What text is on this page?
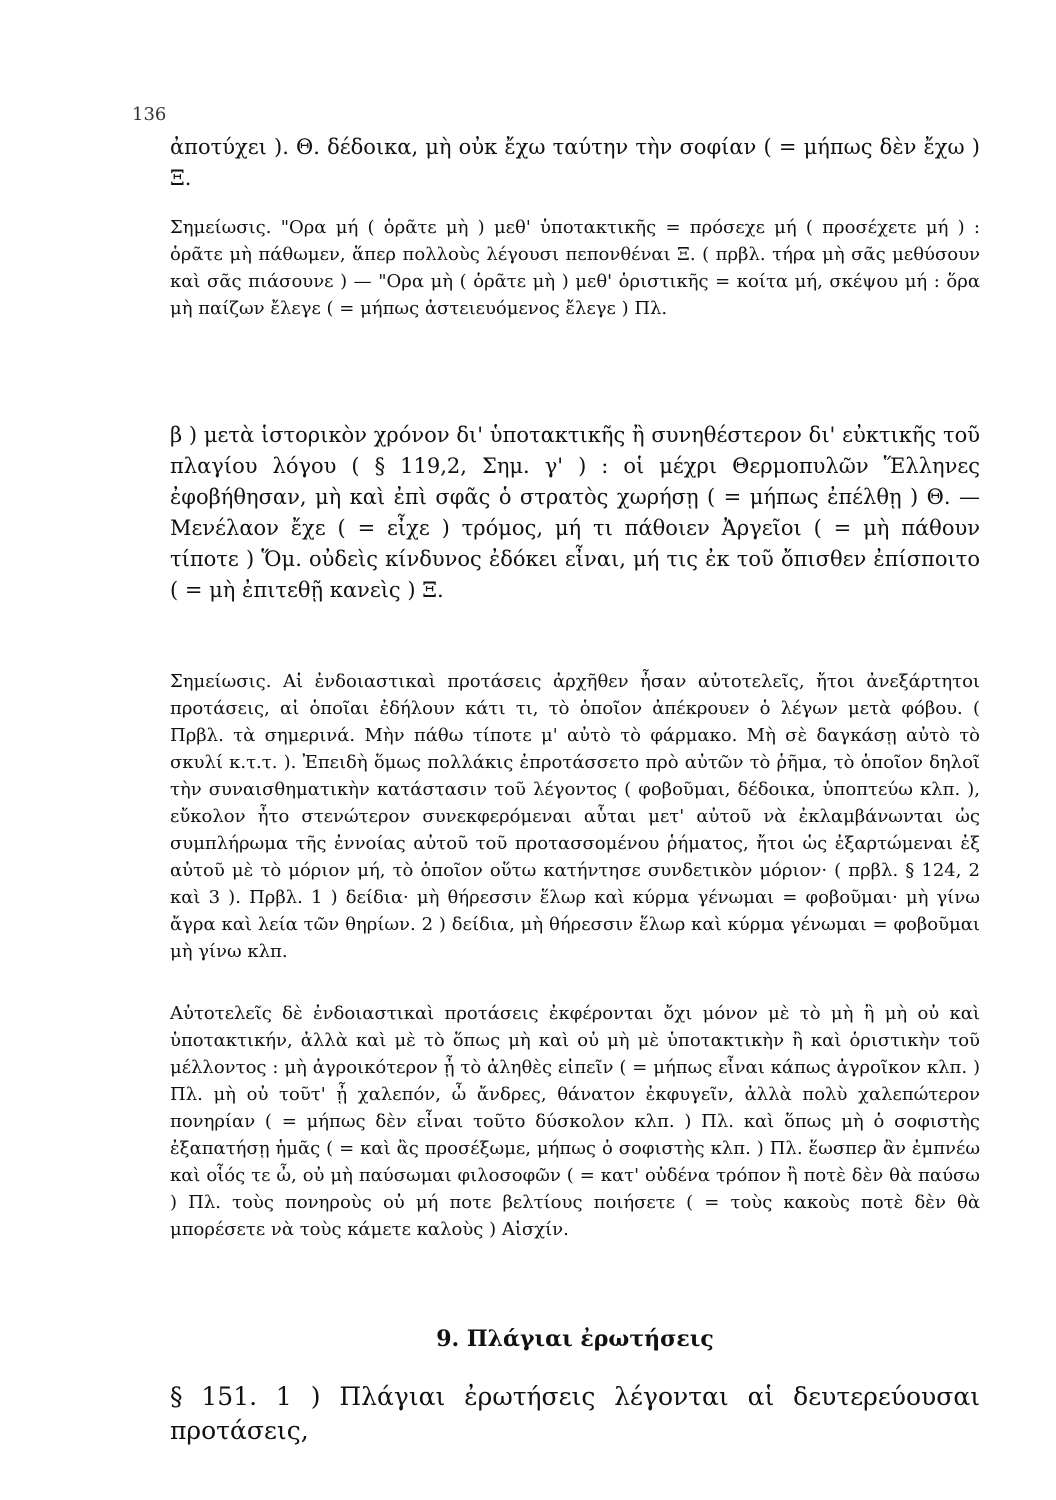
136

ἀποτύχει ). Θ. δέδοικα, μὴ οὐκ ἔχω ταύτην τὴν σοφίαν ( = μήπως δὲν ἔχω ) Ξ.

Σημείωσις. "Ορα μή ( ὁρᾶτε μὴ ) μεθ' ὑποτακτικῆς = πρόσεχε μή ( προσέχετε μή ) : ὁρᾶτε μὴ πάθωμεν, ἅπερ πολλοὺς λέγουσι πεπονθέναι Ξ. ( πρβλ. τήρα μὴ σᾶς μεθύσουν καὶ σᾶς πιάσουνε ) — "Ορα μὴ ( ὁρᾶτε μὴ ) μεθ' ὁριστικῆς = κοίτα μή, σκέψου μή : ὅρα μὴ παίζων ἔλεγε ( = μήπως ἀστειευόμενος ἔλεγε ) Πλ.

β ) μετὰ ἱστορικὸν χρόνον δι' ὑποτακτικῆς ἢ συνηθέστερον δι' εὐκτικῆς τοῦ πλαγίου λόγου ( § 119,2, Σημ. γ' ) : οἱ μέχρι Θερμοπυλῶν Ἕλληνες ἐφοβήθησαν, μὴ καὶ ἐπὶ σφᾶς ὁ στρατὸς χωρήσῃ ( = μήπως ἐπέλθῃ ) Θ. — Μενέλαον ἔχε ( = εἶχε ) τρόμος, μή τι πάθοιεν Ἀργεῖοι ( = μὴ πάθουν τίποτε ) Ὅμ. οὐδεὶς κίνδυνος ἐδόκει εἶναι, μή τις ἐκ τοῦ ὄπισθεν ἐπίσποιτο ( = μὴ ἐπιτεθῇ κανεὶς ) Ξ.

Σημείωσις. Αἱ ἐνδοιαστικαὶ προτάσεις ἀρχῆθεν ἦσαν αὐτοτελεῖς, ἤτοι ἀνεξάρτητοι προτάσεις, αἱ ὁποῖαι ἐδήλουν κάτι τι, τὸ ὁποῖον ἀπέκρουεν ὁ λέγων μετὰ φόβου. ( Πρβλ. τὰ σημερινά. Μὴν πάθω τίποτε μ' αὐτὸ τὸ φάρμακο. Μὴ σὲ δαγκάσῃ αὐτὸ τὸ σκυλί κ.τ.τ. ). Ἐπειδὴ ὅμως πολλάκις ἐπροτάσσετο πρὸ αὐτῶν τὸ ῥῆμα, τὸ ὁποῖον δηλοῖ τὴν συναισθηματικὴν κατάστασιν τοῦ λέγοντος ( φοβοῦμαι, δέδοικα, ὑποπτεύω κλπ. ), εὔκολον ἦτο στενώτερον συνεκφερόμεναι αὗται μετ' αὐτοῦ νὰ ἐκλαμβάνωνται ὡς συμπλήρωμα τῆς ἐννοίας αὐτοῦ τοῦ προτασσομένου ῥήματος, ἤτοι ὡς ἐξαρτώμεναι ἐξ αὐτοῦ μὲ τὸ μόριον μή, τὸ ὁποῖον οὕτω κατήντησε συνδετικὸν μόριον· ( πρβλ. § 124, 2 καὶ 3 ). Πρβλ. 1 ) δείδια· μὴ θήρεσσιν ἕλωρ καὶ κύρμα γένωμαι = φοβοῦμαι· μὴ γίνω ἄγρα καὶ λεία τῶν θηρίων. 2 ) δείδια, μὴ θήρεσσιν ἕλωρ καὶ κύρμα γένωμαι = φοβοῦμαι μὴ γίνω κλπ.

Αὐτοτελεῖς δὲ ἐνδοιαστικαὶ προτάσεις ἐκφέρονται ὄχι μόνον μὲ τὸ μὴ ἢ μὴ οὐ καὶ ὑποτακτικήν, ἀλλὰ καὶ μὲ τὸ ὅπως μὴ καὶ οὐ μὴ μὲ ὑποτακτικὴν ἢ καὶ ὁριστικὴν τοῦ μέλλοντος : μὴ ἀγροικότερον ᾖ τὸ ἀληθὲς εἰπεῖν ( = μήπως εἶναι κάπως ἀγροῖκον κλπ. ) Πλ. μὴ οὐ τοῦτ' ᾖ χαλεπόν, ὦ ἄνδρες, θάνατον ἐκφυγεῖν, ἀλλὰ πολὺ χαλεπώτερον πονηρίαν ( = μήπως δὲν εἶναι τοῦτο δύσκολον κλπ. ) Πλ. καὶ ὅπως μὴ ὁ σοφιστὴς ἐξαπατήσῃ ἡμᾶς ( = καὶ ἂς προσέξωμε, μήπως ὁ σοφιστὴς κλπ. ) Πλ. ἕωσπερ ἂν ἐμπνέω καὶ οἷός τε ὦ, οὐ μὴ παύσωμαι φιλοσοφῶν ( = κατ' οὐδένα τρόπον ἢ ποτὲ δὲν θὰ παύσω ) Πλ. τοὺς πονηροὺς οὐ μή ποτε βελτίους ποιήσετε ( = τοὺς κακοὺς ποτὲ δὲν θὰ μπορέσετε νὰ τοὺς κάμετε καλοὺς ) Αἰσχίν.

9. Πλάγιαι ἐρωτήσεις

§ 151. 1 ) Πλάγιαι ἐρωτήσεις λέγονται αἱ δευτερεύουσαι προτάσεις,
